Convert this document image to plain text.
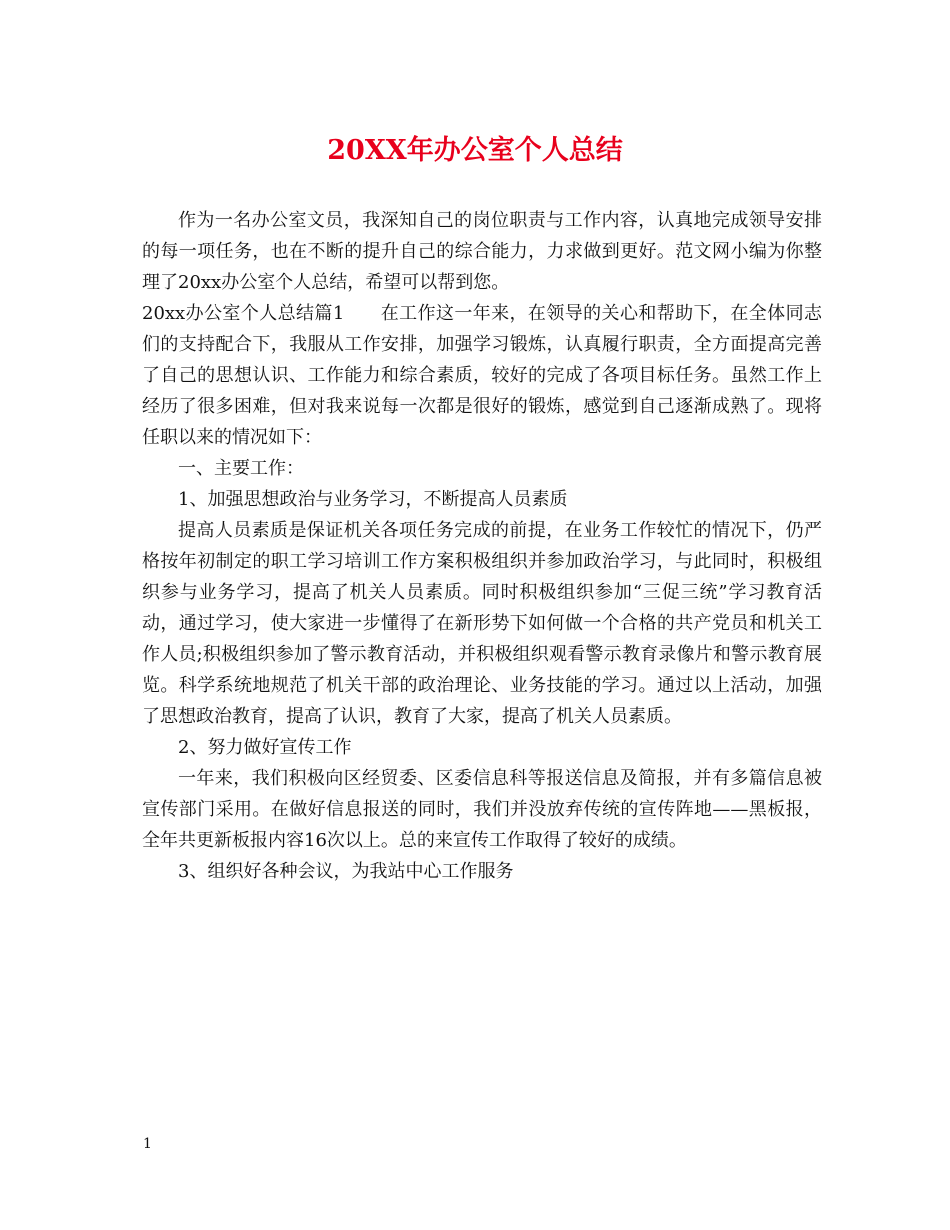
20XX年办公室个人总结

作为一名办公室文员，我深知自己的岗位职责与工作内容，认真地完成领导安排的每一项任务，也在不断的提升自己的综合能力，力求做到更好。范文网小编为你整理了20xx办公室个人总结，希望可以帮到您。

20xx办公室个人总结篇1 在工作这一年来，在领导的关心和帮助下，在全体同志们的支持配合下，我服从工作安排，加强学习锻炼，认真履行职责，全方面提高完善了自己的思想认识、工作能力和综合素质，较好的完成了各项目标任务。虽然工作上经历了很多困难，但对我来说每一次都是很好的锻炼，感觉到自己逐渐成熟了。现将任职以来的情况如下：

一、主要工作：

1、加强思想政治与业务学习，不断提高人员素质

提高人员素质是保证机关各项任务完成的前提，在业务工作较忙的情况下，仍严格按年初制定的职工学习培训工作方案积极组织并参加政治学习，与此同时，积极组织参与业务学习，提高了机关人员素质。同时积极组织参加“三促三统”学习教育活动，通过学习，使大家进一步懂得了在新形势下如何做一个合格的共产党员和机关工作人员;积极组织参加了警示教育活动，并积极组织观看警示教育录像片和警示教育展览。科学系统地规范了机关干部的政治理论、业务技能的学习。通过以上活动，加强了思想政治教育，提高了认识，教育了大家，提高了机关人员素质。

2、努力做好宣传工作

一年来，我们积极向区经贸委、区委信息科等报送信息及简报，并有多篇信息被宣传部门采用。在做好信息报送的同时，我们并没放弃传统的宣传阵地——黑板报，全年共更新板报内容16次以上。总的来宣传工作取得了较好的成绩。

3、组织好各种会议，为我站中心工作服务

1
